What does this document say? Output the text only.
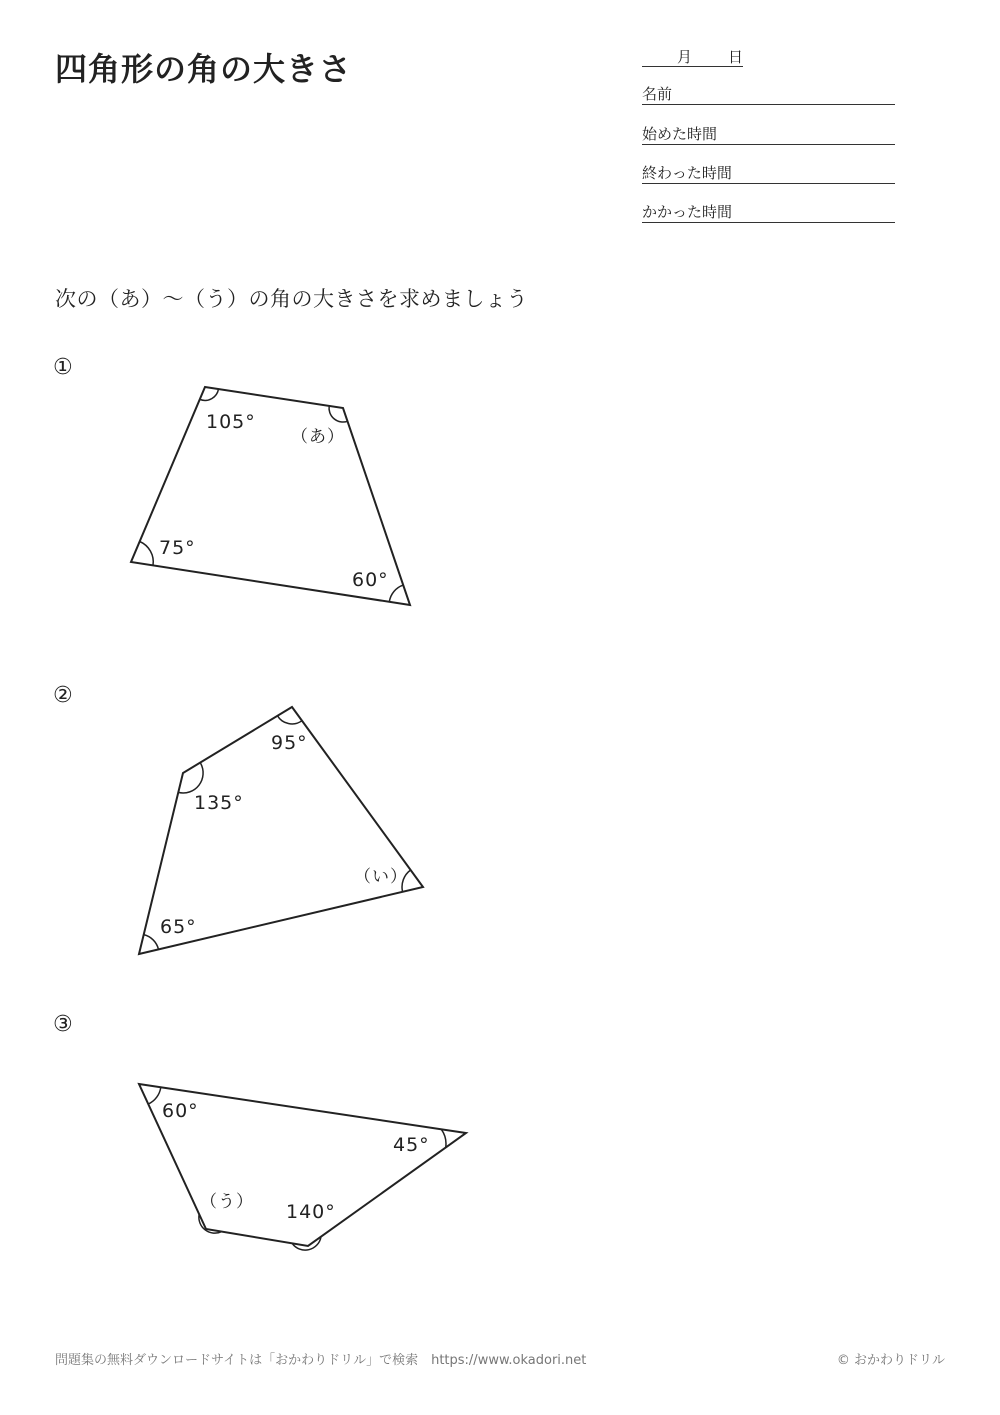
四角形の角の大きさ	月 日
名前
始めた時間
終わった時間
かかった時間
次の（あ）～（う）の角の大きさを求めましょう
①
105°
（あ）
75°
60°
②
95°
135°
（い）
65°
③
60°
45°
（う） 140°
問題集の無料ダウンロードサイトは「おかわりドリル」で検索　https://www.okadori.net	© おかわりドリル
